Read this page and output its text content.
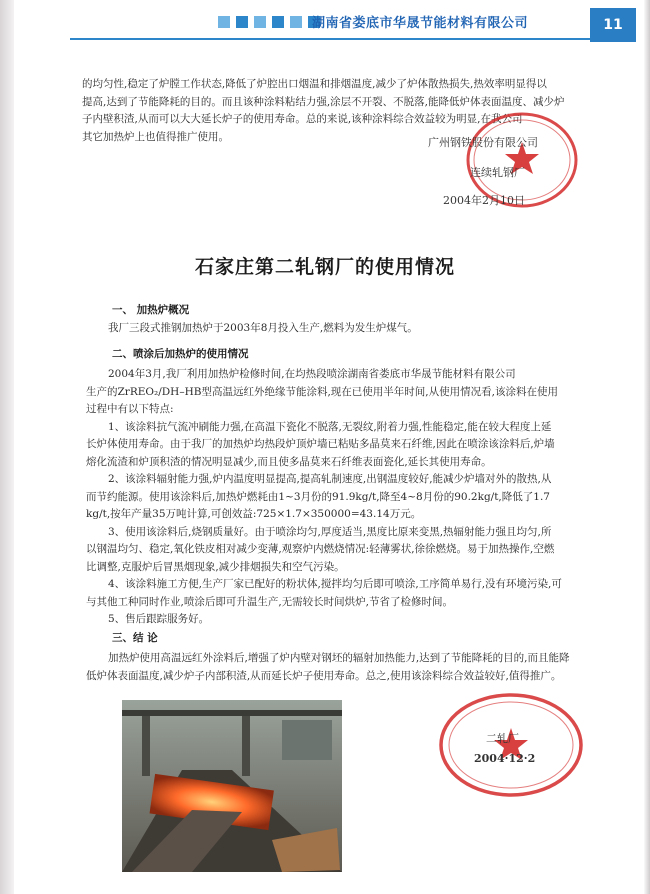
湖南省娄底市华晟节能材料有限公司	11
的均匀性,稳定了炉膛工作状态,降低了炉腔出口烟温和排烟温度,减少了炉体散热损失,热效率明显得以
提高,达到了节能降耗的目的。而且该种涂料粘结力强,涂层不开裂、不脱落,能降低炉体表面温度、减少炉
子内壁积渣,从而可以大大延长炉子的使用寿命。总的来说,该种涂料综合效益较为明显,在我公司
其它加热炉上也值得推广使用。	广州钢铁股份有限公司
连续轧钢厂
2004年2月10日
石家庄第二轧钢厂的使用情况
一、 加热炉概况
我厂三段式推钢加热炉于2003年8月投入生产,燃料为发生炉煤气。
二、喷涂后加热炉的使用情况
2004年3月,我厂利用加热炉检修时间,在均热段喷涂湖南省娄底市华晟节能材料有限公司
生产的ZrREO₂/DH–HB型高温远红外绝缘节能涂料,现在已使用半年时间,从使用情况看,该涂料在使用
过程中有以下特点:
1、该涂料抗气流冲刷能力强,在高温下瓷化不脱落,无裂纹,附着力强,性能稳定,能在较大程度上延
长炉体使用寿命。由于我厂的加热炉均热段炉顶炉墙已粘贴多晶莫来石纤维,因此在喷涂该涂料后,炉墙
熔化流渣和炉顶积渣的情况明显减少,而且使多晶莫来石纤维表面瓷化,延长其使用寿命。
2、该涂料辐射能力强,炉内温度明显提高,提高轧制速度,出钢温度较好,能减少炉墙对外的散热,从
而节约能源。使用该涂料后,加热炉燃耗由1~3月份的91.9kg/t,降至4~8月份的90.2kg/t,降低了1.7
kg/t,按年产量35万吨计算,可创效益:725×1.7×350000=43.14万元。
3、使用该涂料后,烧钢质量好。由于喷涂均匀,厚度适当,黑度比原来变黑,热辐射能力强且均匀,所
以钢温均匀、稳定,氧化铁皮相对减少变薄,观察炉内燃烧情况:轻薄雾状,徐徐燃烧。易于加热操作,空燃
比调整,克服炉后冒黑烟现象,减少排烟损失和空气污染。
4、该涂料施工方便,生产厂家已配好的粉状体,搅拌均匀后即可喷涂,工序简单易行,没有环境污染,可
与其他工种同时作业,喷涂后即可升温生产,无需较长时间烘炉,节省了检修时间。
5、售后跟踪服务好。
三、结 论
加热炉使用高温远红外涂料后,增强了炉内壁对钢坯的辐射加热能力,达到了节能降耗的目的,而且能降
低炉体表面温度,减少炉子内部积渣,从而延长炉子使用寿命。总之,使用该涂料综合效益较好,值得推广。
二轧厂
2004·12·2
